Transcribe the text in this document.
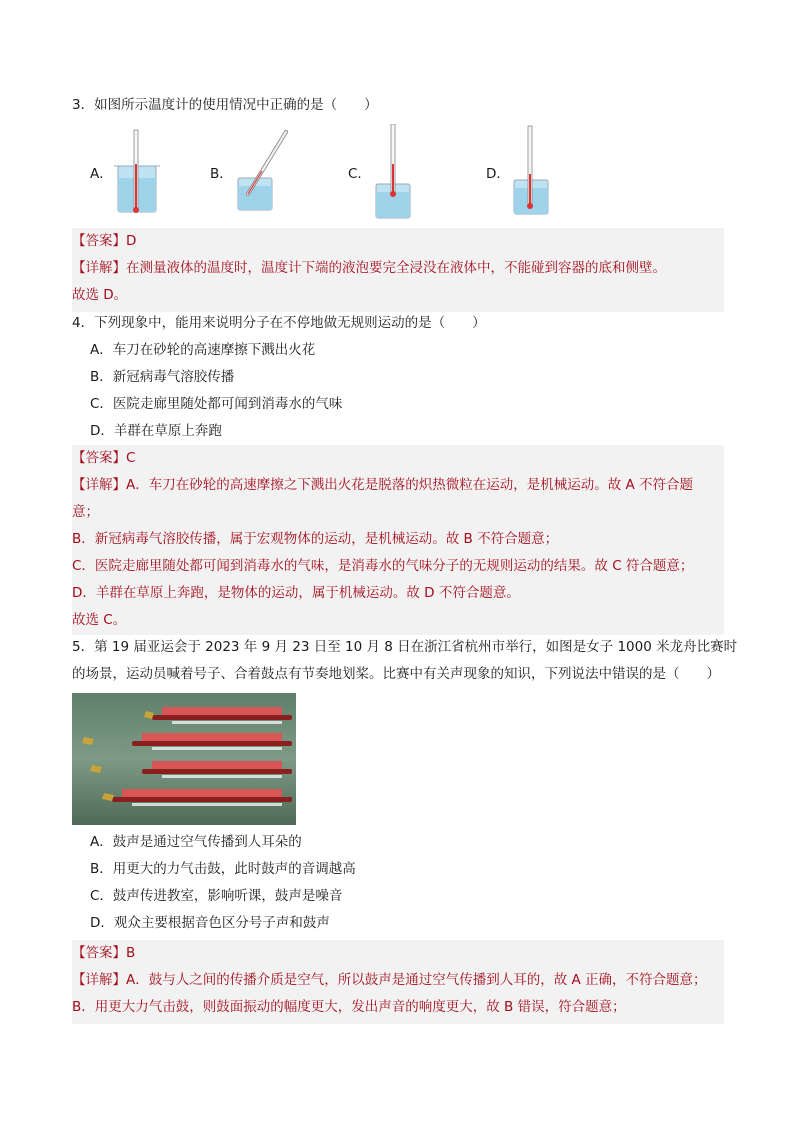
3．如图所示温度计的使用情况中正确的是（　　）
A．	B．	C．	D．
【答案】D
【详解】在测量液体的温度时，温度计下端的液泡要完全浸没在液体中，不能碰到容器的底和侧壁。
故选 D。
4．下列现象中，能用来说明分子在不停地做无规则运动的是（　　）
A．车刀在砂轮的高速摩擦下溅出火花
B．新冠病毒气溶胶传播
C．医院走廊里随处都可闻到消毒水的气味
D．羊群在草原上奔跑
【答案】C
【详解】A．车刀在砂轮的高速摩擦之下溅出火花是脱落的炽热微粒在运动，是机械运动。故 A 不符合题
意；
B．新冠病毒气溶胶传播，属于宏观物体的运动，是机械运动。故 B 不符合题意；
C．医院走廊里随处都可闻到消毒水的气味，是消毒水的气味分子的无规则运动的结果。故 C 符合题意；
D．羊群在草原上奔跑，是物体的运动，属于机械运动。故 D 不符合题意。
故选 C。
5．第 19 届亚运会于 2023 年 9 月 23 日至 10 月 8 日在浙江省杭州市举行，如图是女子 1000 米龙舟比赛时
的场景，运动员喊着号子、合着鼓点有节奏地划桨。比赛中有关声现象的知识，下列说法中错误的是（　　）
A．鼓声是通过空气传播到人耳朵的
B．用更大的力气击鼓，此时鼓声的音调越高
C．鼓声传进教室，影响听课，鼓声是噪音
D．观众主要根据音色区分号子声和鼓声
【答案】B
【详解】A．鼓与人之间的传播介质是空气，所以鼓声是通过空气传播到人耳的，故 A 正确，不符合题意；
B．用更大力气击鼓，则鼓面振动的幅度更大，发出声音的响度更大，故 B 错误，符合题意；
